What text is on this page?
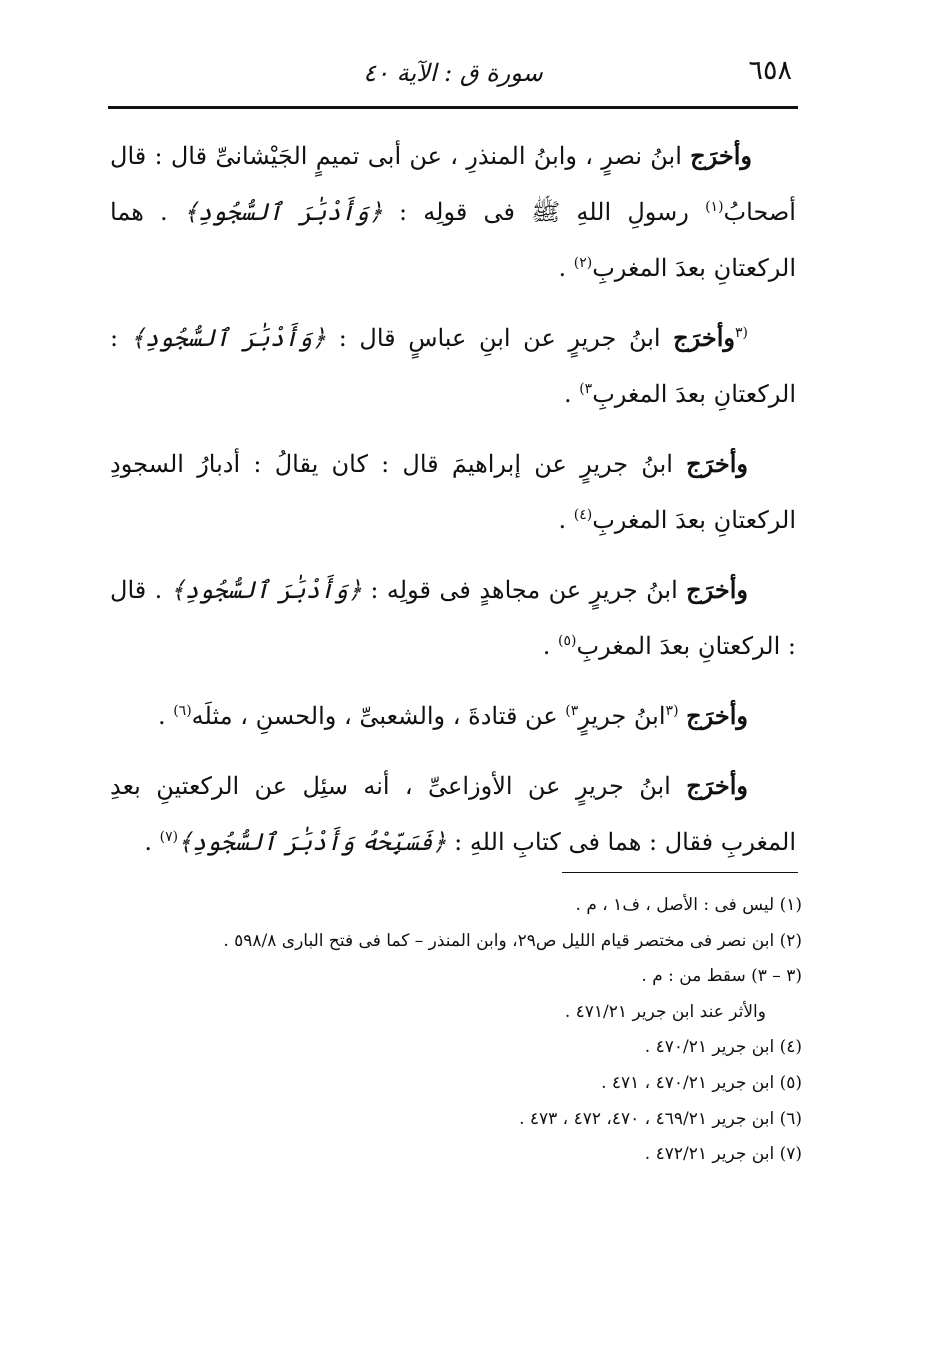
٦٥٨
سورة ق : الآية ٤٠

وأخرَج ابنُ نصرٍ ، وابنُ المنذرِ ، عن أبى تميمٍ الجَيْشانىِّ قال : قال أصحابُ$^{(١)}$ رسولِ اللهِ ﷺ فى قولِه : ﴿وَأَدْبَٰرَ ٱلسُّجُودِ﴾ . هما الركعتانِ بعدَ المغربِ$^{(٢)}$ .

$^{(٣}$وأخرَج ابنُ جريرٍ عن ابنِ عباسٍ قال : ﴿وَأَدْبَٰرَ ٱلسُّجُودِ﴾ : الركعتانِ بعدَ المغربِ$^{٣)}$ .

وأخرَج ابنُ جريرٍ عن إبراهيمَ قال : كان يقالُ : أدبارُ السجودِ الركعتانِ بعدَ المغربِ$^{(٤)}$ .

وأخرَج ابنُ جريرٍ عن مجاهدٍ فى قولِه : ﴿وَأَدْبَٰرَ ٱلسُّجُودِ﴾ . قال : الركعتانِ بعدَ المغربِ$^{(٥)}$ .

وأخرَج $^{(٣}$ابنُ جريرٍ$^{٣)}$ عن قتادةَ ، والشعبىِّ ، والحسنِ ، مثلَه$^{(٦)}$ .

وأخرَج ابنُ جريرٍ عن الأوزاعىِّ ، أنه سئِل عن الركعتينِ بعدِ المغربِ فقال : هما فى كتابِ اللهِ : ﴿فَسَبِّحْهُ وَأَدْبَٰرَ ٱلسُّجُودِ﴾$^{(٧)}$ .

(١) ليس فى : الأصل ، ف١ ، م .

(٢) ابن نصر فى مختصر قيام الليل ص٢٩، وابن المنذر – كما فى فتح البارى ٥٩٨/٨ .

(٣ – ٣) سقط من : م .

والأثر عند ابن جرير ٤٧١/٢١ .

(٤) ابن جرير ٤٧٠/٢١ .

(٥) ابن جرير ٤٧٠/٢١ ، ٤٧١ .

(٦) ابن جرير ٤٦٩/٢١ ، ٤٧٠، ٤٧٢ ، ٤٧٣ .

(٧) ابن جرير ٤٧٢/٢١ .
